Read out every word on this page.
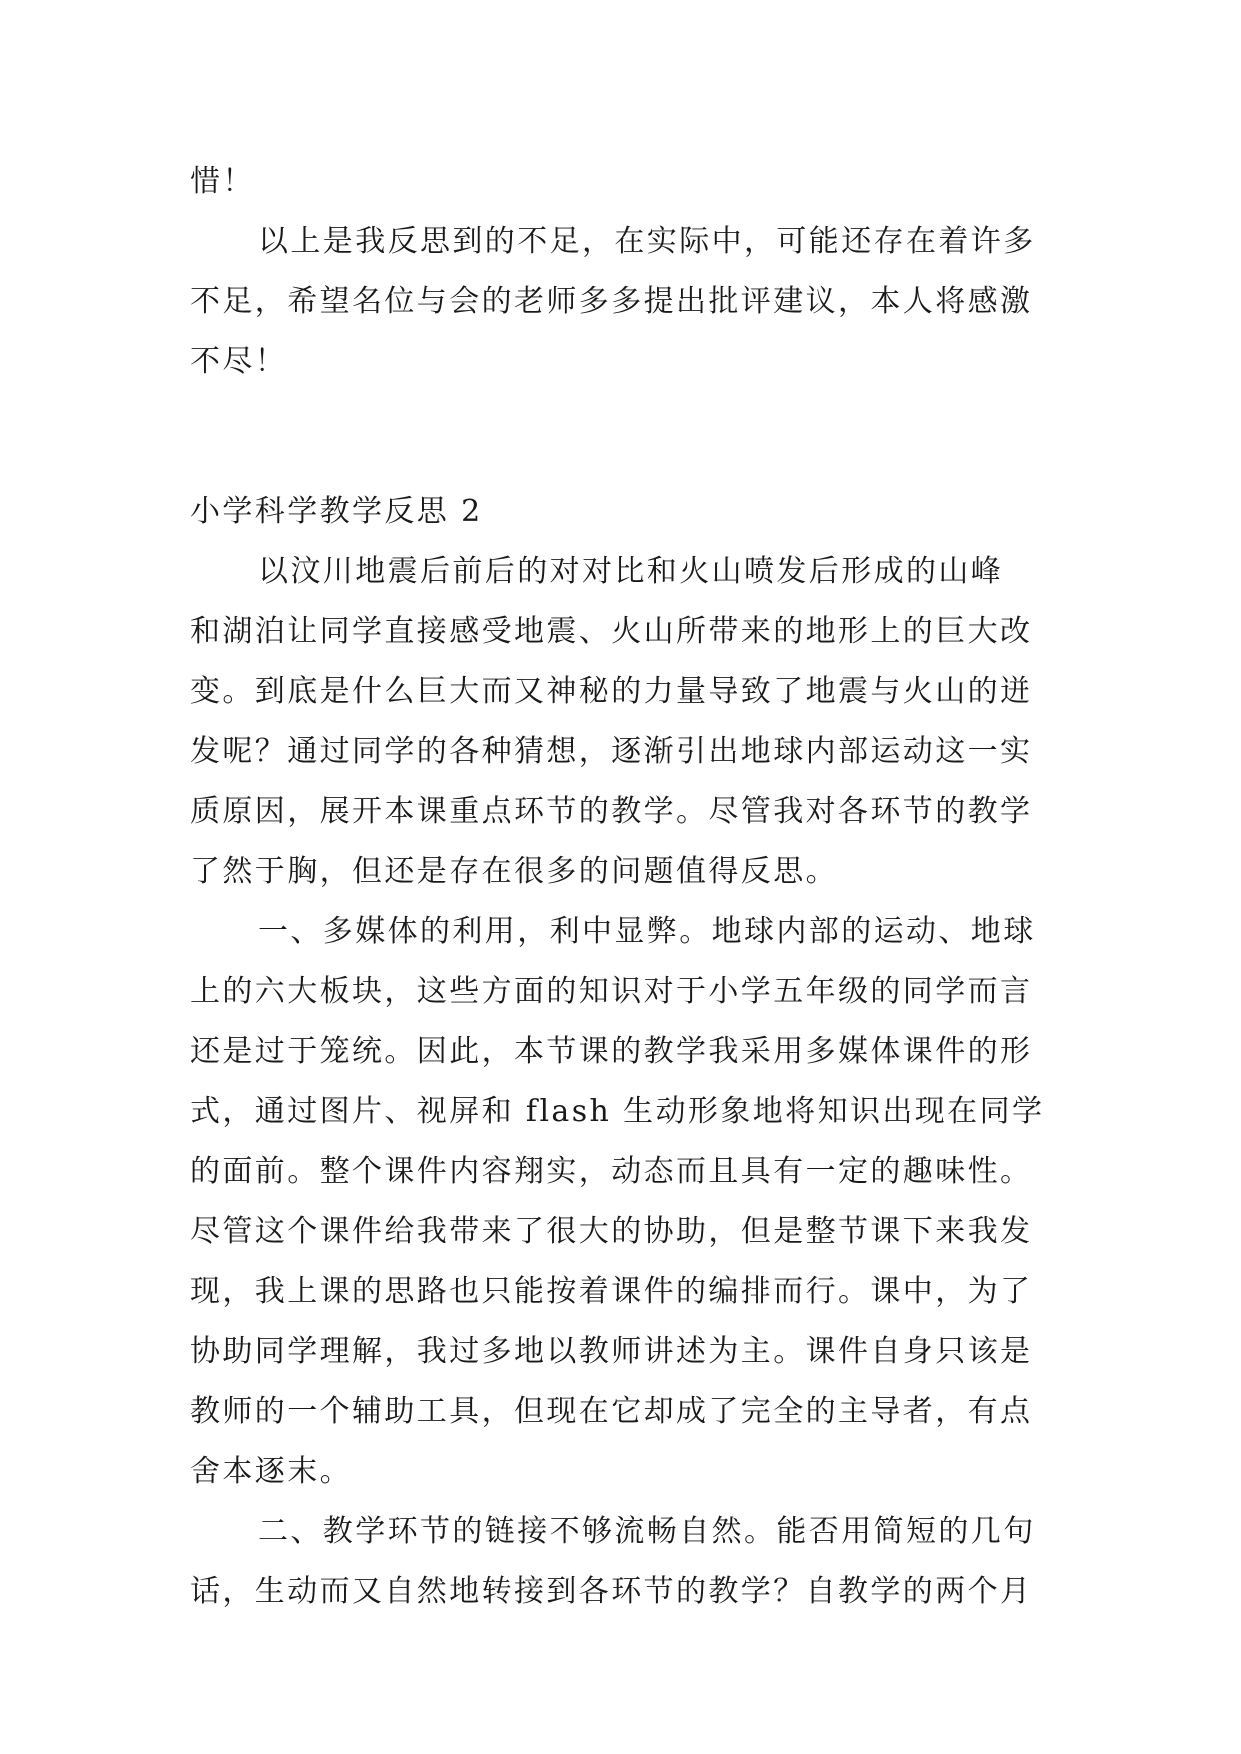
惜！

以上是我反思到的不足，在实际中，可能还存在着许多

不足，希望名位与会的老师多多提出批评建议，本人将感激

不尽！

小学科学教学反思 2

以汶川地震后前后的对对比和火山喷发后形成的山峰

和湖泊让同学直接感受地震、火山所带来的地形上的巨大改

变。到底是什么巨大而又神秘的力量导致了地震与火山的迸

发呢？通过同学的各种猜想，逐渐引出地球内部运动这一实

质原因，展开本课重点环节的教学。尽管我对各环节的教学

了然于胸，但还是存在很多的问题值得反思。

一、多媒体的利用，利中显弊。地球内部的运动、地球

上的六大板块，这些方面的知识对于小学五年级的同学而言

还是过于笼统。因此，本节课的教学我采用多媒体课件的形

式，通过图片、视屏和 flash 生动形象地将知识出现在同学

的面前。整个课件内容翔实，动态而且具有一定的趣味性。

尽管这个课件给我带来了很大的协助，但是整节课下来我发

现，我上课的思路也只能按着课件的编排而行。课中，为了

协助同学理解，我过多地以教师讲述为主。课件自身只该是

教师的一个辅助工具，但现在它却成了完全的主导者，有点

舍本逐末。

二、教学环节的链接不够流畅自然。能否用简短的几句

话，生动而又自然地转接到各环节的教学？自教学的两个月
